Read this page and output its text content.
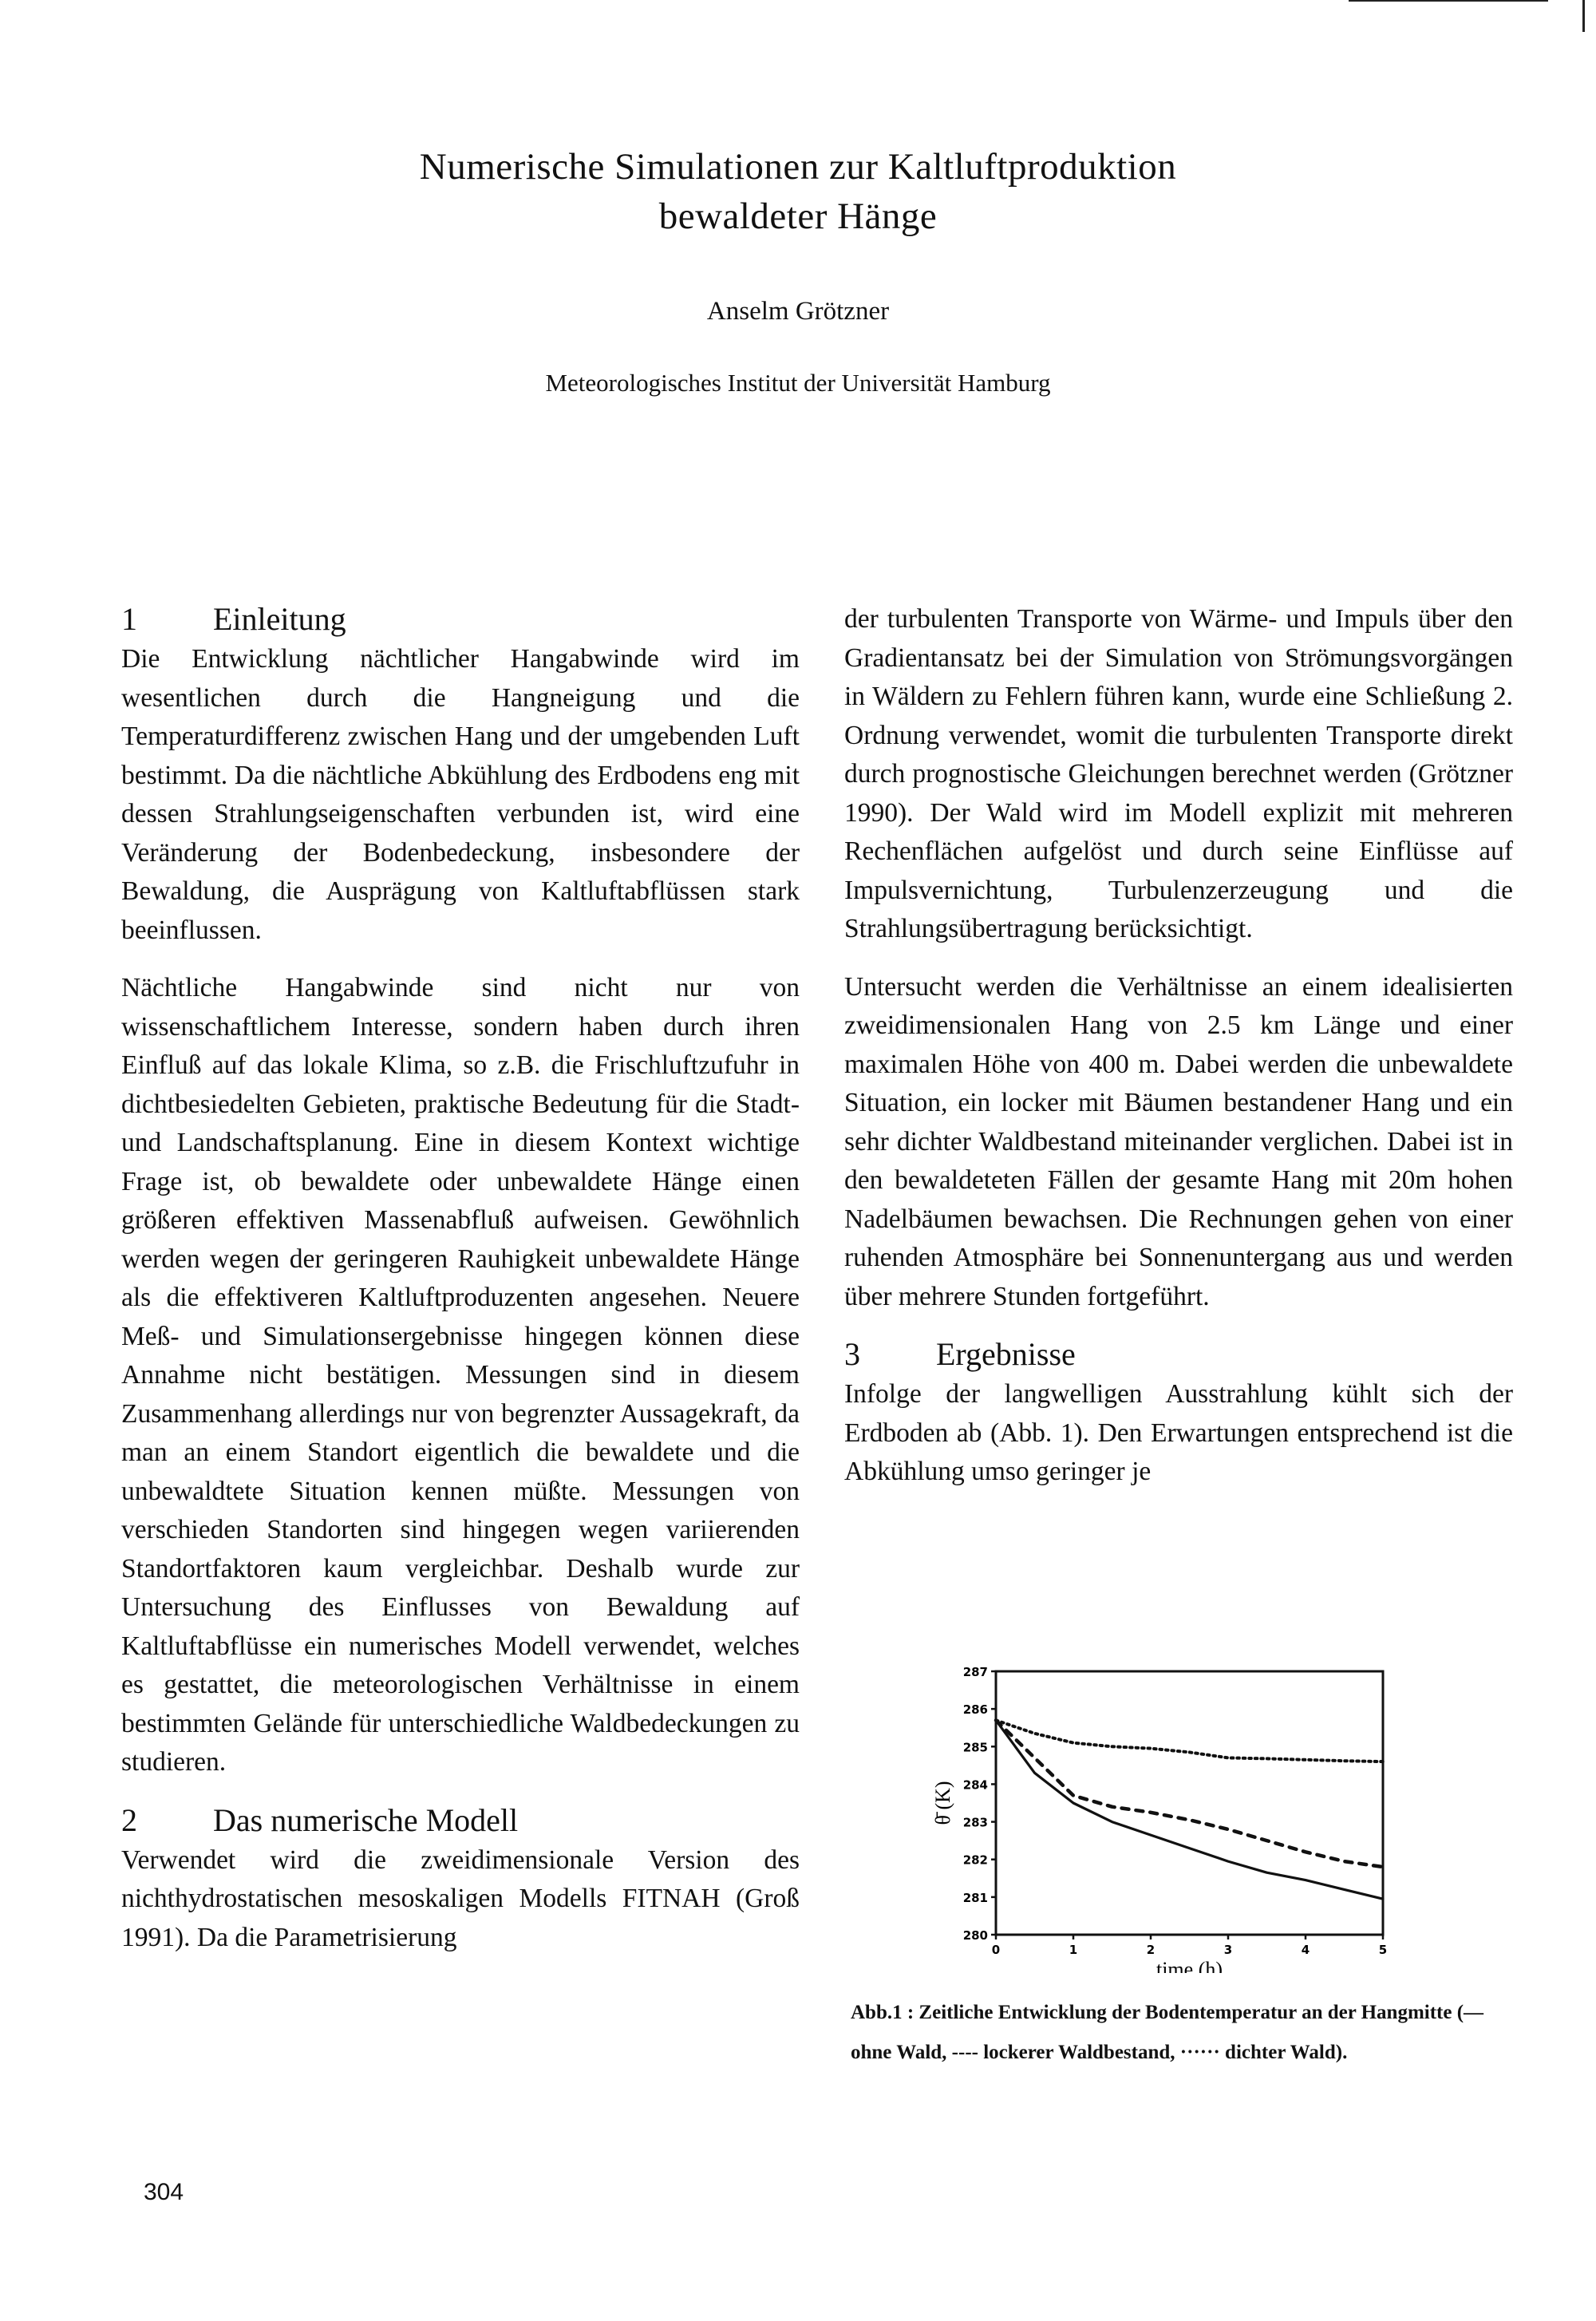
Numerische Simulationen zur Kaltluftproduktion
bewaldeter Hänge
Anselm Grötzner
Meteorologisches Institut der Universität Hamburg
1 Einleitung

Die Entwicklung nächtlicher Hangabwinde wird im wesentlichen durch die Hangneigung und die Temperaturdifferenz zwischen Hang und der umgebenden Luft bestimmt. Da die nächtliche Abkühlung des Erdbodens eng mit dessen Strahlungseigenschaften verbunden ist, wird eine Veränderung der Bodenbedeckung, insbesondere der Bewaldung, die Ausprägung von Kaltluftabflüssen stark beeinflussen.

Nächtliche Hangabwinde sind nicht nur von wissenschaftlichem Interesse, sondern haben durch ihren Einfluß auf das lokale Klima, so z.B. die Frischluftzufuhr in dichtbesiedelten Gebieten, praktische Bedeutung für die Stadt- und Landschaftsplanung. Eine in diesem Kontext wichtige Frage ist, ob bewaldete oder unbewaldete Hänge einen größeren effektiven Massenabfluß aufweisen. Gewöhnlich werden wegen der geringeren Rauhigkeit unbewaldete Hänge als die effektiveren Kaltluftproduzenten angesehen. Neuere Meß- und Simulationsergebnisse hingegen können diese Annahme nicht bestätigen. Messungen sind in diesem Zusammenhang allerdings nur von begrenzter Aussagekraft, da man an einem Standort eigentlich die bewaldete und die unbewaldtete Situation kennen müßte. Messungen von verschieden Standorten sind hingegen wegen variierenden Standortfaktoren kaum vergleichbar. Deshalb wurde zur Untersuchung des Einflusses von Bewaldung auf Kaltluftabflüsse ein numerisches Modell verwendet, welches es gestattet, die meteorologischen Verhältnisse in einem bestimmten Gelände für unterschiedliche Waldbedeckungen zu studieren.

2 Das numerische Modell

Verwendet wird die zweidimensionale Version des nichthydrostatischen mesoskaligen Modells FITNAH (Groß 1991). Da die Parametrisierung

der turbulenten Transporte von Wärme- und Impuls über den Gradientansatz bei der Simulation von Strömungsvorgängen in Wäldern zu Fehlern führen kann, wurde eine Schließung 2. Ordnung verwendet, womit die turbulenten Transporte direkt durch prognostische Gleichungen berechnet werden (Grötzner 1990). Der Wald wird im Modell explizit mit mehreren Rechenflächen aufgelöst und durch seine Einflüsse auf Impulsvernichtung, Turbulenzerzeugung und die Strahlungsübertragung berücksichtigt.

Untersucht werden die Verhältnisse an einem idealisierten zweidimensionalen Hang von 2.5 km Länge und einer maximalen Höhe von 400 m. Dabei werden die unbewaldete Situation, ein locker mit Bäumen bestandener Hang und ein sehr dichter Waldbestand miteinander verglichen. Dabei ist in den bewaldeteten Fällen der gesamte Hang mit 20m hohen Nadelbäumen bewachsen. Die Rechnungen gehen von einer ruhenden Atmosphäre bei Sonnenuntergang aus und werden über mehrere Stunden fortgeführt.

3 Ergebnisse

Infolge der langwelligen Ausstrahlung kühlt sich der Erdboden ab (Abb. 1). Den Erwartungen entsprechend ist die Abkühlung umso geringer je

280
281
282
283
284
285
286
287
0	1	2	3	4	5
time (h)
θ̄ (K)
Abb.1 : Zeitliche Entwicklung der Bodentemperatur an der Hangmitte (— ohne Wald, ---- lockerer Waldbestand, ······ dichter Wald).
304
